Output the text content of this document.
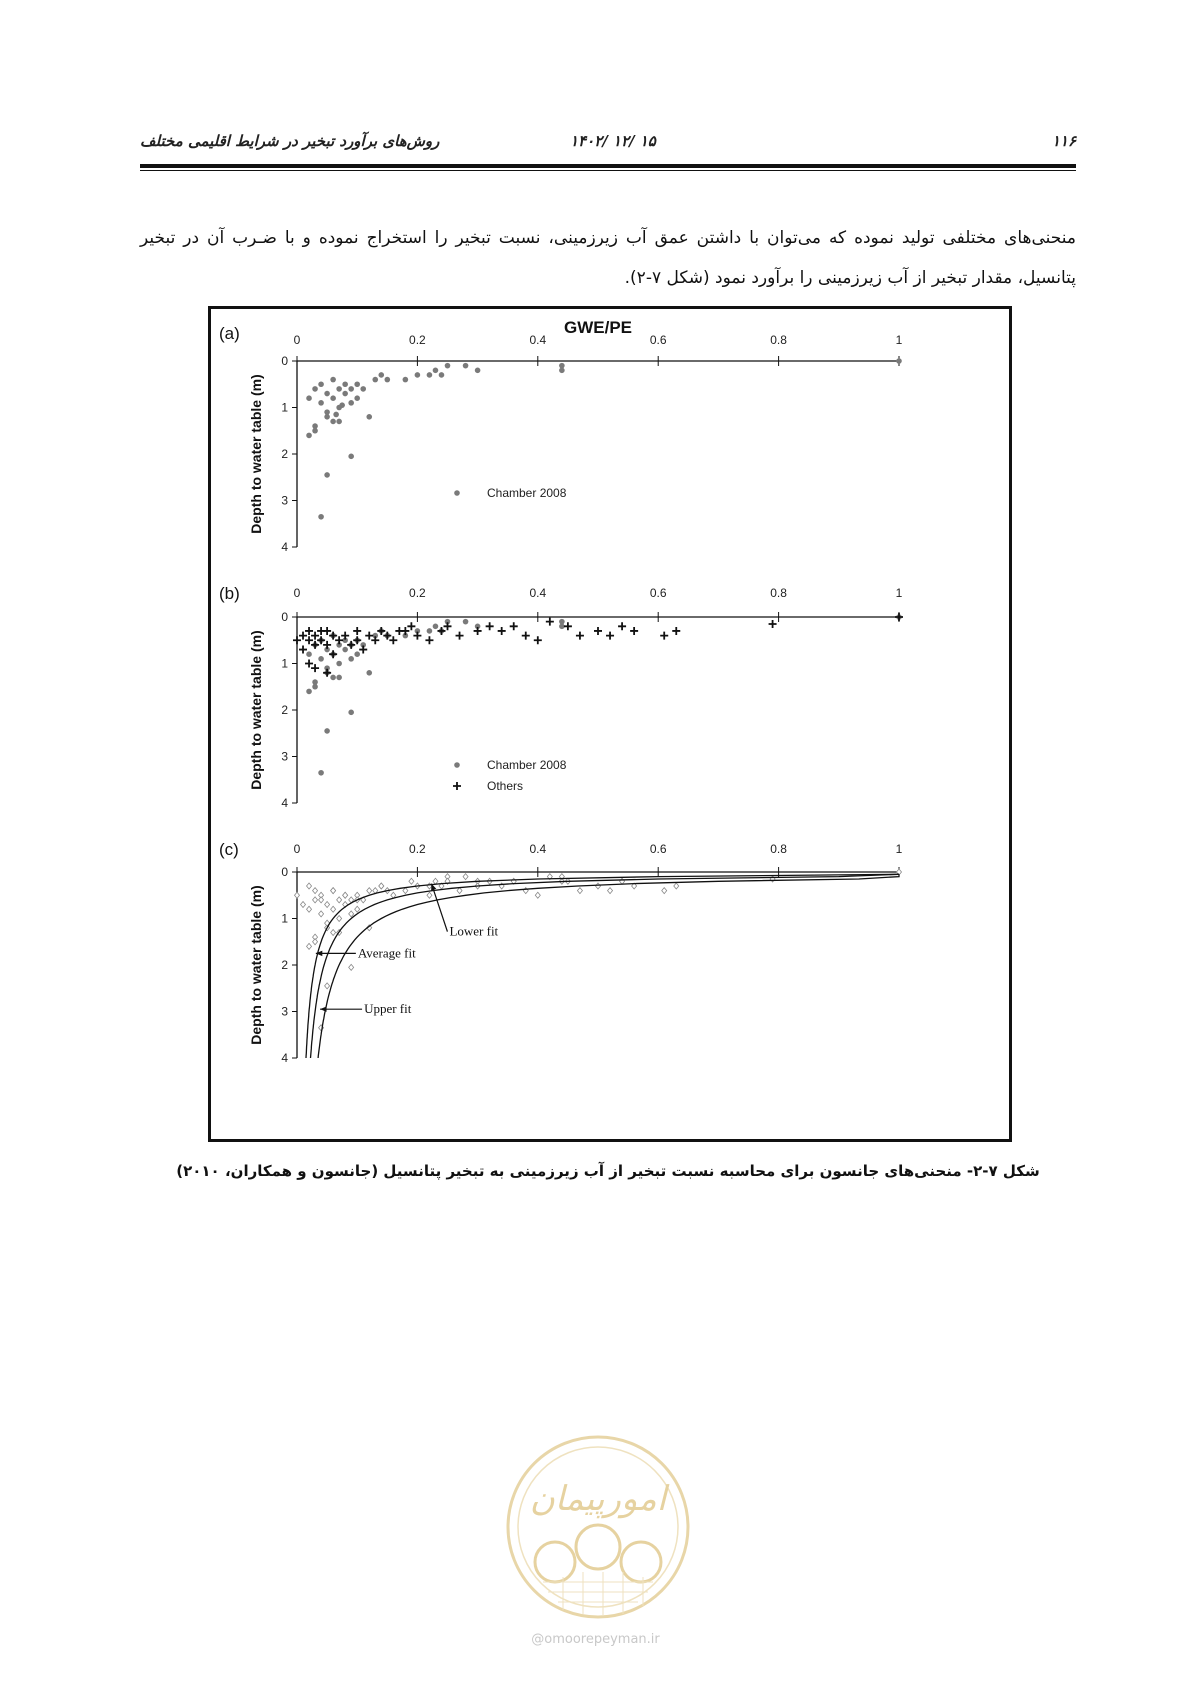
۱۱۶
۱۴۰۲/ ۱۲/ ۱۵
روش‌های برآورد تبخیر در شرایط اقلیمی مختلف

منحنی‌های مختلفی تولید نموده که می‌توان با داشتن عمق آب زیرزمینی، نسبت تبخیر را استخراج نموده و با ضـرب آن در تبخیر پتانسیل، مقدار تبخیر از آب زیرزمینی را برآورد نمود (شکل ۷-۲).

GWE/PE
(a)	0	0.2	0.4	0.6	0.8	1
0
1
2
3
4
Depth to water table (m)	Chamber 2008
(b)	0	0.2	0.4	0.6	0.8	1
0
1
2
3
4
Depth to water table (m)	Chamber 2008
Others
(c)	0	0.2	0.4	0.6	0.8	1
0
1
2
3
4
Depth to water table (m)	Lower fit
Average fit
Upper fit

شکل ۷-۲- منحنی‌های جانسون برای محاسبه نسبت تبخیر از آب زیرزمینی به تبخیر پتانسیل (جانسون و همکاران، ۲۰۱۰)

امورپیمان
@omoorepeyman.ir
